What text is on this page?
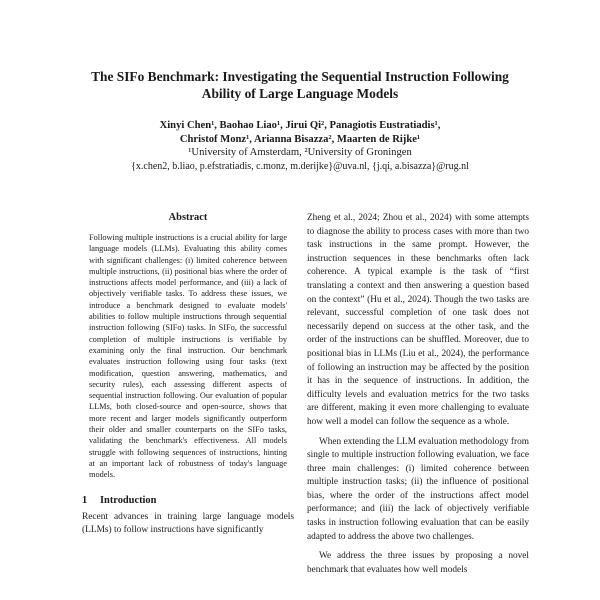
The SIFo Benchmark: Investigating the Sequential Instruction Following
Ability of Large Language Models
Xinyi Chen¹, Baohao Liao¹, Jirui Qi², Panagiotis Eustratiadis¹,
Christof Monz¹, Arianna Bisazza², Maarten de Rijke¹
¹University of Amsterdam, ²University of Groningen
{x.chen2, b.liao, p.efstratiadis, c.monz, m.derijke}@uva.nl, {j.qi, a.bisazza}@rug.nl
Abstract

Following multiple instructions is a crucial ability for large language models (LLMs). Evaluating this ability comes with significant challenges: (i) limited coherence between multiple instructions, (ii) positional bias where the order of instructions affects model performance, and (iii) a lack of objectively verifiable tasks. To address these issues, we introduce a benchmark designed to evaluate models' abilities to follow multiple instructions through sequential instruction following (SIFo) tasks. In SIFo, the successful completion of multiple instructions is verifiable by examining only the final instruction. Our benchmark evaluates instruction following using four tasks (text modification, question answering, mathematics, and security rules), each assessing different aspects of sequential instruction following. Our evaluation of popular LLMs, both closed-source and open-source, shows that more recent and larger models significantly outperform their older and smaller counterparts on the SIFo tasks, validating the benchmark's effectiveness. All models struggle with following sequences of instructions, hinting at an important lack of robustness of today's language models.

1 Introduction

Recent advances in training large language models (LLMs) to follow instructions have significantly

Zheng et al., 2024; Zhou et al., 2024) with some attempts to diagnose the ability to process cases with more than two task instructions in the same prompt. However, the instruction sequences in these benchmarks often lack coherence. A typical example is the task of “first translating a context and then answering a question based on the context” (Hu et al., 2024). Though the two tasks are relevant, successful completion of one task does not necessarily depend on success at the other task, and the order of the instructions can be shuffled. Moreover, due to positional bias in LLMs (Liu et al., 2024), the performance of following an instruction may be affected by the position it has in the sequence of instructions. In addition, the difficulty levels and evaluation metrics for the two tasks are different, making it even more challenging to evaluate how well a model can follow the sequence as a whole.

When extending the LLM evaluation methodology from single to multiple instruction following evaluation, we face three main challenges: (i) limited coherence between multiple instruction tasks; (ii) the influence of positional bias, where the order of the instructions affect model performance; and (iii) the lack of objectively verifiable tasks in instruction following evaluation that can be easily adapted to address the above two challenges.

We address the three issues by proposing a novel benchmark that evaluates how well models
